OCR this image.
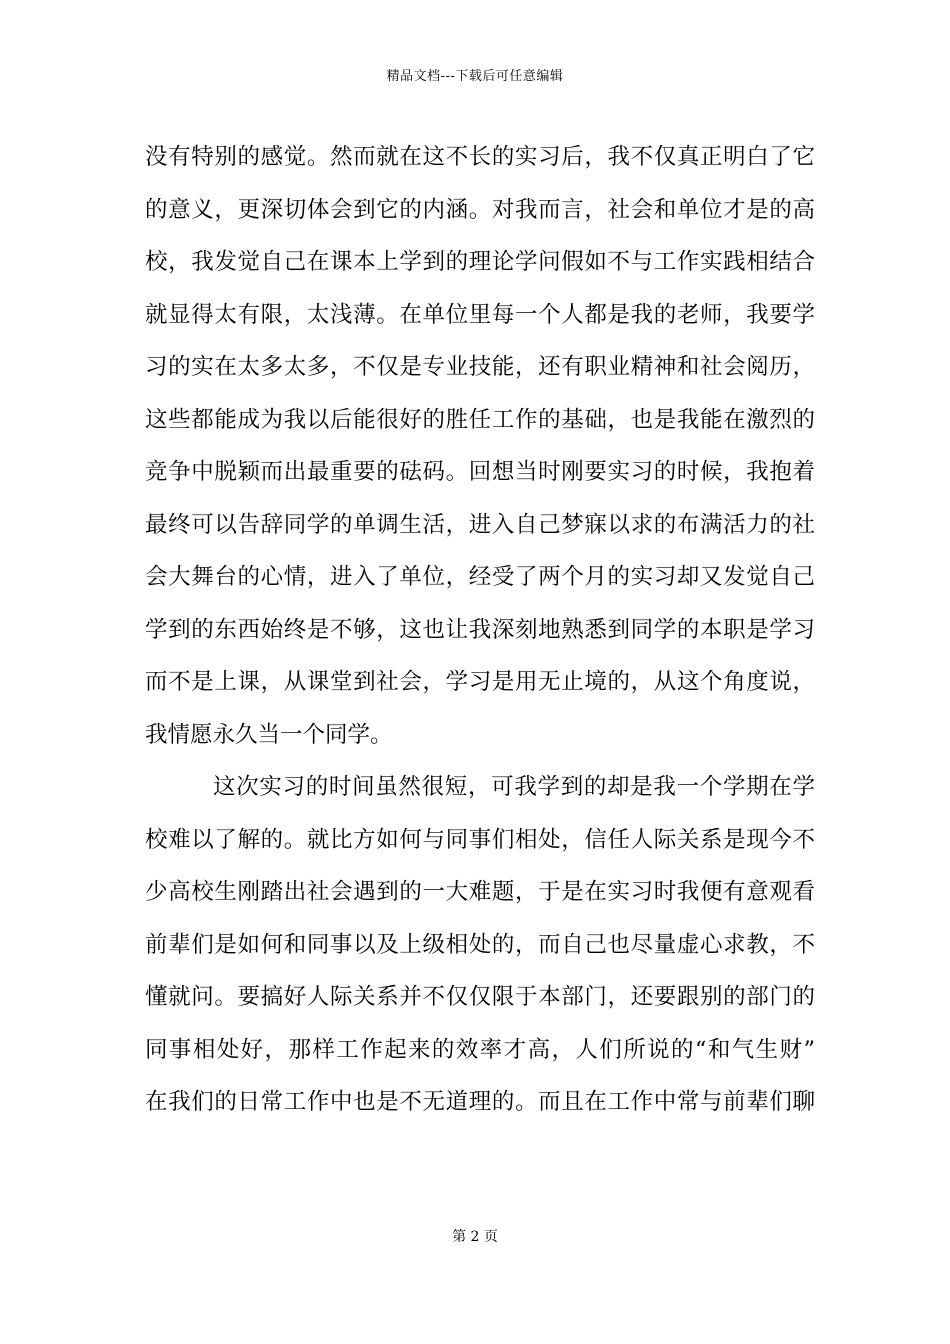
精品文档---下载后可任意编辑
没有特别的感觉。然而就在这不长的实习后，我不仅真正明白了它
的意义，更深切体会到它的内涵。对我而言，社会和单位才是的高
校，我发觉自己在课本上学到的理论学问假如不与工作实践相结合
就显得太有限，太浅薄。在单位里每一个人都是我的老师，我要学
习的实在太多太多，不仅是专业技能，还有职业精神和社会阅历，
这些都能成为我以后能很好的胜任工作的基础，也是我能在激烈的
竞争中脱颖而出最重要的砝码。回想当时刚要实习的时候，我抱着
最终可以告辞同学的单调生活，进入自己梦寐以求的布满活力的社
会大舞台的心情，进入了单位，经受了两个月的实习却又发觉自己
学到的东西始终是不够，这也让我深刻地熟悉到同学的本职是学习
而不是上课，从课堂到社会，学习是用无止境的，从这个角度说，
我情愿永久当一个同学。
这次实习的时间虽然很短，可我学到的却是我一个学期在学
校难以了解的。就比方如何与同事们相处，信任人际关系是现今不
少高校生刚踏出社会遇到的一大难题，于是在实习时我便有意观看
前辈们是如何和同事以及上级相处的，而自己也尽量虚心求教，不
懂就问。要搞好人际关系并不仅仅限于本部门，还要跟别的部门的
同事相处好，那样工作起来的效率才高，人们所说的“和气生财”
在我们的日常工作中也是不无道理的。而且在工作中常与前辈们聊
第 2 页
